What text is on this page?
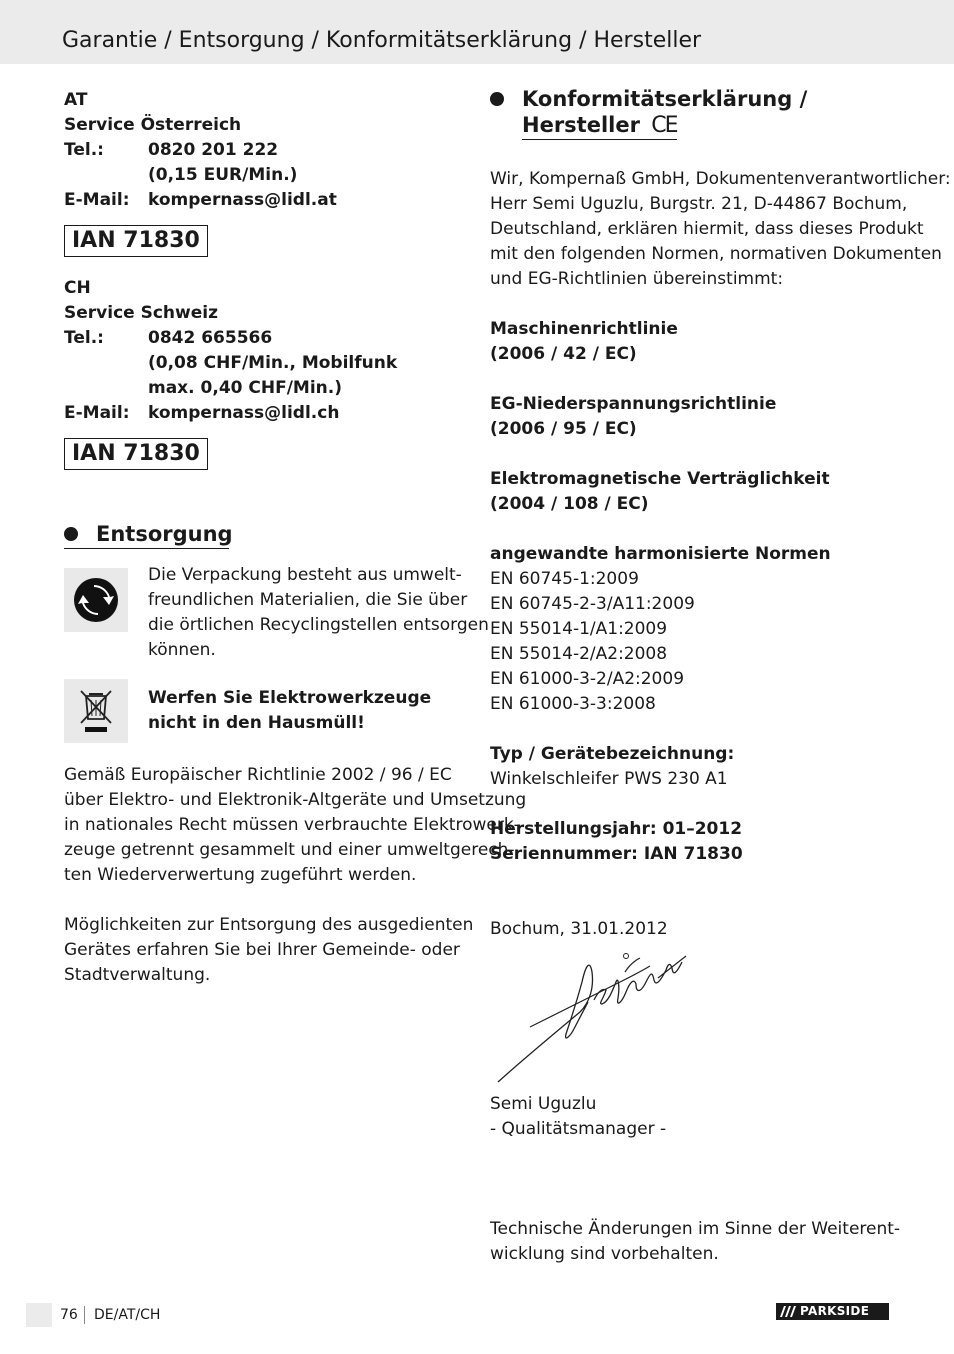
Garantie / Entsorgung / Konformitätserklärung / Hersteller
AT
Service Österreich
Tel.:	0820 201 222
(0,15 EUR/Min.)
E-Mail:	kompernass@lidl.at
IAN 71830
CH
Service Schweiz
Tel.:	0842 665566
(0,08 CHF/Min., Mobilfunk
max. 0,40 CHF/Min.)
E-Mail:	kompernass@lidl.ch
IAN 71830
Entsorgung
Die Verpackung besteht aus umwelt-
freundlichen Materialien, die Sie über
die örtlichen Recyclingstellen entsorgen
können.
Werfen Sie Elektrowerkzeuge
nicht in den Hausmüll!
Gemäß Europäischer Richtlinie 2002 / 96 / EC
über Elektro- und Elektronik-Altgeräte und Umsetzung
in nationales Recht müssen verbrauchte Elektrowerk-
zeuge getrennt gesammelt und einer umweltgerech-
ten Wiederverwertung zugeführt werden.
Möglichkeiten zur Entsorgung des ausgedienten
Gerätes erfahren Sie bei Ihrer Gemeinde- oder
Stadtverwaltung.
Konformitätserklärung /
Hersteller CE
Wir, Kompernaß GmbH, Dokumentenverantwortlicher:
Herr Semi Uguzlu, Burgstr. 21, D-44867 Bochum,
Deutschland, erklären hiermit, dass dieses Produkt
mit den folgenden Normen, normativen Dokumenten
und EG-Richtlinien übereinstimmt:
Maschinenrichtlinie
(2006 / 42 / EC)
EG-Niederspannungsrichtlinie
(2006 / 95 / EC)
Elektromagnetische Verträglichkeit
(2004 / 108 / EC)
angewandte harmonisierte Normen
EN 60745-1:2009
EN 60745-2-3/A11:2009
EN 55014-1/A1:2009
EN 55014-2/A2:2008
EN 61000-3-2/A2:2009
EN 61000-3-3:2008
Typ / Gerätebezeichnung:
Winkelschleifer PWS 230 A1
Herstellungsjahr: 01–2012
Seriennummer: IAN 71830
Bochum, 31.01.2012
Semi Uguzlu
- Qualitätsmanager -
Technische Änderungen im Sinne der Weiterent-
wicklung sind vorbehalten.
76 DE/AT/CH	PARKSIDE
